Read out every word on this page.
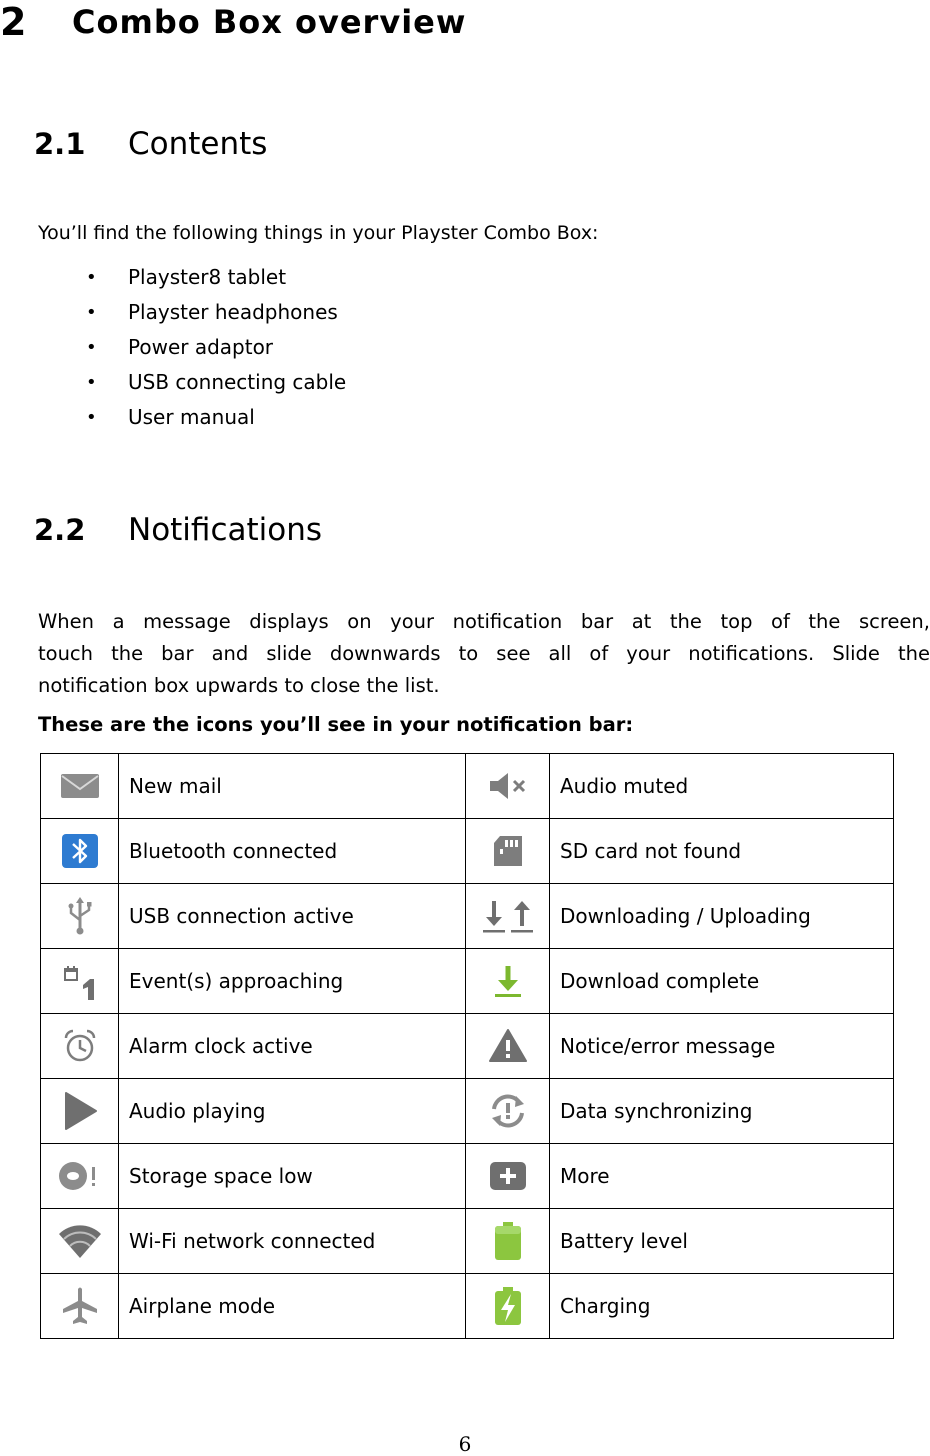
2	Combo Box overview
2.1	Contents
You’ll find the following things in your Playster Combo Box:
• Playster8 tablet
• Playster headphones
• Power adaptor
• USB connecting cable
• User manual
2.2	Notifications
When a message displays on your notification bar at the top of the screen,
touch the bar and slide downwards to see all of your notifications. Slide the
notification box upwards to close the list.
These are the icons you’ll see in your notification bar:
	New mail		Audio muted
	Bluetooth connected		SD card not found
	USB connection active		Downloading / Uploading
	Event(s) approaching		Download complete
	Alarm clock active		Notice/error message
	Audio playing		Data synchronizing
	Storage space low		More
	Wi-Fi network connected		Battery level
	Airplane mode		Charging
6
